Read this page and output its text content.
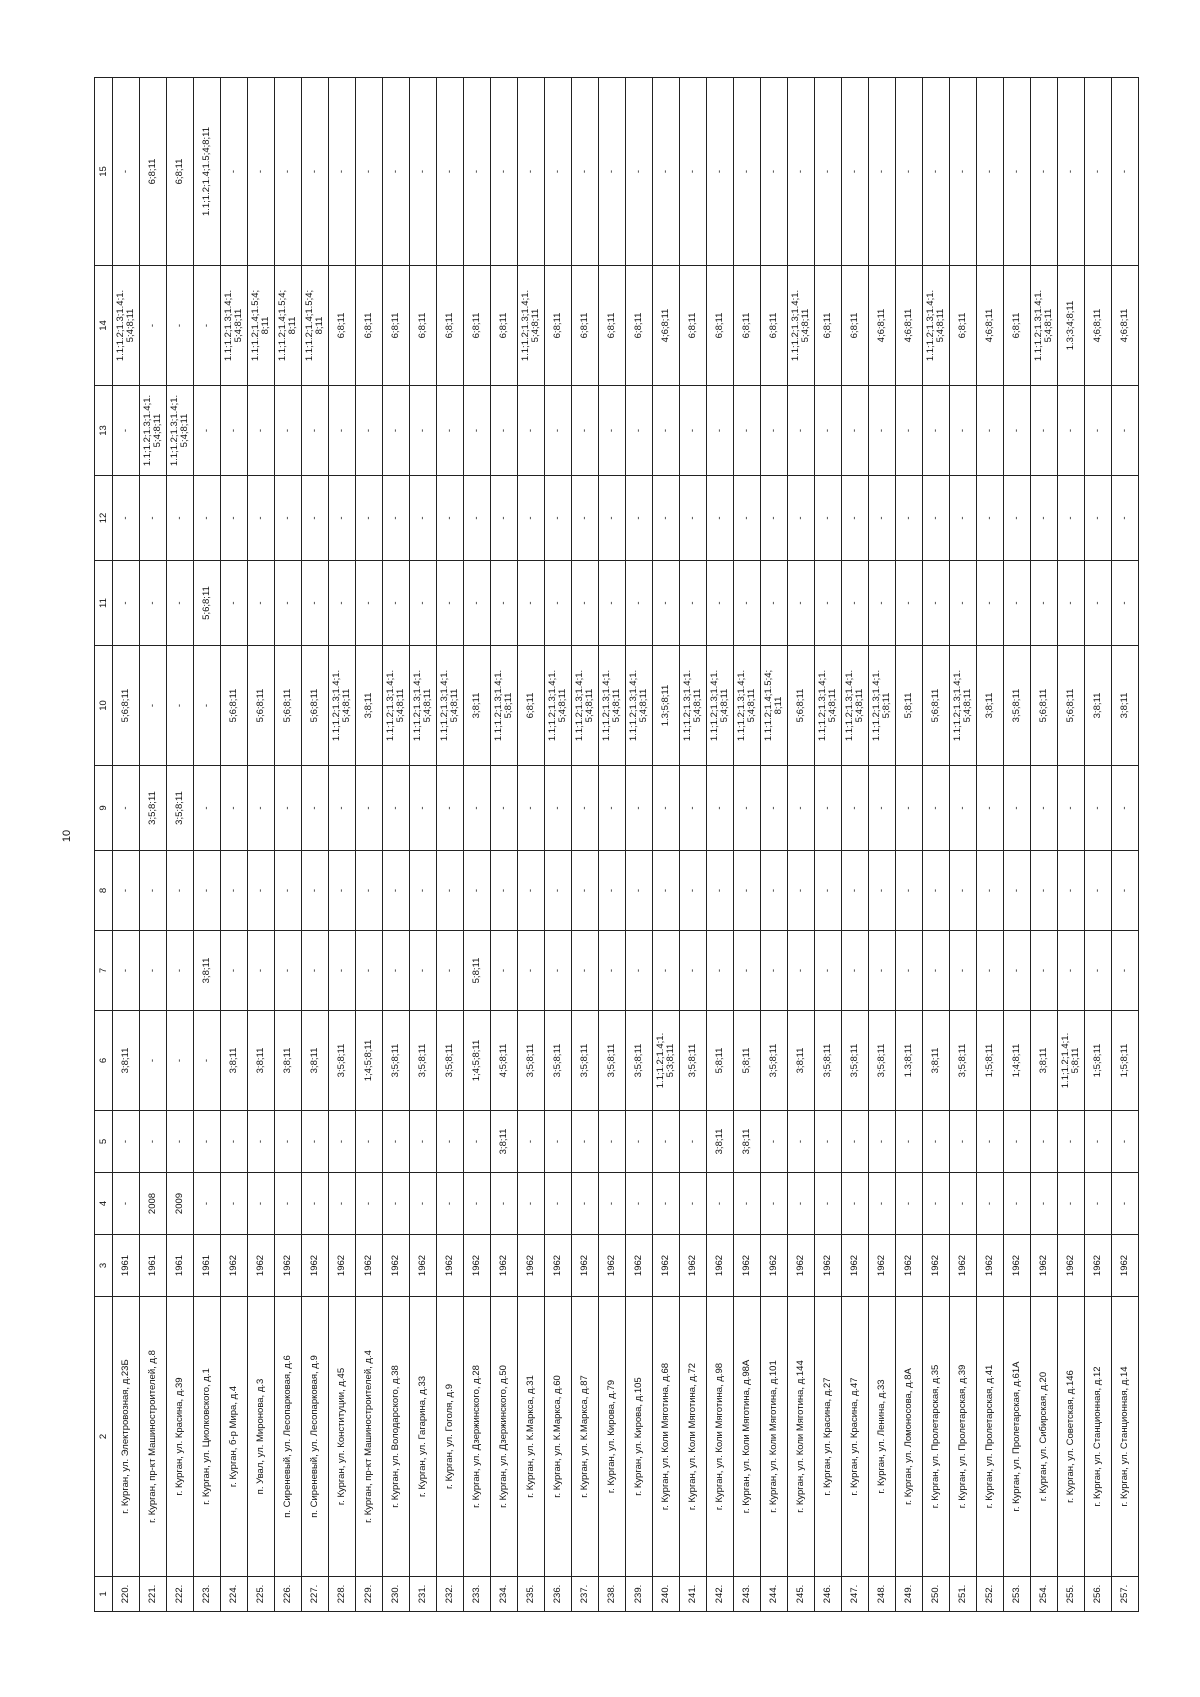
10
1	2	3	4	5	6	7	8	9	10	11	12	13	14	15
220.	г. Курган, ул. Электровозная, д.23Б	1961	-	-	3;8;11	-	-	-	5;6;8;11	-	-	-	1.1;1.2;1.3;1.4;1.
5;4;8;11	-
221.	г. Курган, пр-кт Машиностроителей, д.8	1961	2008	-	-	-	-	3;5;8;11	-	-	-	1.1;1.2;1.3;1.4;1.
5;4;8;11	-	6;8;11
222.	г. Курган, ул. Красина, д.39	1961	2009	-	-	-	-	3;5;8;11	-	-	-	1.1;1.2;1.3;1.4;1.
5;4;8;11	-	6;8;11
223.	г. Курган, ул. Циолковского, д.1	1961	-	-	-	3;8;11	-	-	-	5;6;8;11	-	-	-	1.1;1.2;1.4;1.5;4;8;11
224.	г. Курган, б-р Мира, д.4	1962	-	-	3;8;11	-	-	-	5;6;8;11	-	-	-	1.1;1.2;1.3;1.4;1.
5;4;8;11	-
225.	п. Увал, ул. Миронова, д.3	1962	-	-	3;8;11	-	-	-	5;6;8;11	-	-	-	1.1;1.2;1.4;1.5;4;
8;11	-
226.	п. Сиреневый, ул. Лесопарковая, д.6	1962	-	-	3;8;11	-	-	-	5;6;8;11	-	-	-	1.1;1.2;1.4;1.5;4;
8;11	-
227.	п. Сиреневый, ул. Лесопарковая, д.9	1962	-	-	3;8;11	-	-	-	5;6;8;11	-	-	-	1.1;1.2;1.4;1.5;4;
8;11	-
228.	г. Курган, ул. Конституции, д.45	1962	-	-	3;5;8;11	-	-	-	1.1;1.2;1.3;1.4;1.
5;4;8;11	-	-	-	6;8;11	-
229.	г. Курган, пр-кт Машиностроителей, д.4	1962	-	-	1;4;5;8;11	-	-	-	3;8;11	-	-	-	6;8;11	-
230.	г. Курган, ул. Володарского, д.38	1962	-	-	3;5;8;11	-	-	-	1.1;1.2;1.3;1.4;1.
5;4;8;11	-	-	-	6;8;11	-
231.	г. Курган, ул. Гагарина, д.33	1962	-	-	3;5;8;11	-	-	-	1.1;1.2;1.3;1.4;1.
5;4;8;11	-	-	-	6;8;11	-
232.	г. Курган, ул. Гоголя, д.9	1962	-	-	3;5;8;11	-	-	-	1.1;1.2;1.3;1.4;1.
5;4;8;11	-	-	-	6;8;11	-
233.	г. Курган, ул. Дзержинского, д.28	1962	-	-	1;4;5;8;11	5;8;11	-	-	3;8;11	-	-	-	6;8;11	-
234.	г. Курган, ул. Дзержинского, д.50	1962	-	3;8;11	4;5;8;11	-	-	-	1.1;1.2;1.3;1.4;1.
5;8;11	-	-	-	6;8;11	-
235.	г. Курган, ул. К.Маркса, д.31	1962	-	-	3;5;8;11	-	-	-	6;8;11	-	-	-	1.1;1.2;1.3;1.4;1.
5;4;8;11	-
236.	г. Курган, ул. К.Маркса, д.60	1962	-	-	3;5;8;11	-	-	-	1.1;1.2;1.3;1.4;1.
5;4;8;11	-	-	-	6;8;11	-
237.	г. Курган, ул. К.Маркса, д.87	1962	-	-	3;5;8;11	-	-	-	1.1;1.2;1.3;1.4;1.
5;4;8;11	-	-	-	6;8;11	-
238.	г. Курган, ул. Кирова, д.79	1962	-	-	3;5;8;11	-	-	-	1.1;1.2;1.3;1.4;1.
5;4;8;11	-	-	-	6;8;11	-
239.	г. Курган, ул. Кирова, д.105	1962	-	-	3;5;8;11	-	-	-	1.1;1.2;1.3;1.4;1.
5;4;8;11	-	-	-	6;8;11	-
240.	г. Курган, ул. Коли Мяготина, д.68	1962	-	-	1.1;1.2;1.4;1.
5;3;8;11	-	-	-	1.3;5;8;11	-	-	-	4;6;8;11	-
241.	г. Курган, ул. Коли Мяготина, д.72	1962	-	-	3;5;8;11	-	-	-	1.1;1.2;1.3;1.4;1.
5;4;8;11	-	-	-	6;8;11	-
242.	г. Курган, ул. Коли Мяготина, д.98	1962	-	3;8;11	5;8;11	-	-	-	1.1;1.2;1.3;1.4;1.
5;4;8;11	-	-	-	6;8;11	-
243.	г. Курган, ул. Коли Мяготина, д.98А	1962	-	3;8;11	5;8;11	-	-	-	1.1;1.2;1.3;1.4;1.
5;4;8;11	-	-	-	6;8;11	-
244.	г. Курган, ул. Коли Мяготина, д.101	1962	-	-	3;5;8;11	-	-	-	1.1;1.2;1.4;1.5;4;
8;11	-	-	-	6;8;11	-
245.	г. Курган, ул. Коли Мяготина, д.144	1962	-	-	3;8;11	-	-	-	5;6;8;11	-	-	-	1.1;1.2;1.3;1.4;1.
5;4;8;11	-
246.	г. Курган, ул. Красина, д.27	1962	-	-	3;5;8;11	-	-	-	1.1;1.2;1.3;1.4;1.
5;4;8;11	-	-	-	6;8;11	-
247.	г. Курган, ул. Красина, д.47	1962	-	-	3;5;8;11	-	-	-	1.1;1.2;1.3;1.4;1.
5;4;8;11	-	-	-	6;8;11	-
248.	г. Курган, ул. Ленина, д.33	1962	-	-	3;5;8;11	-	-	-	1.1;1.2;1.3;1.4;1.
5;8;11	-	-	-	4;6;8;11	-
249.	г. Курган, ул. Ломоносова, д.8А	1962	-	-	1.3;8;11	-	-	-	5;8;11	-	-	-	4;6;8;11	-
250.	г. Курган, ул. Пролетарская, д.35	1962	-	-	3;8;11	-	-	-	5;6;8;11	-	-	-	1.1;1.2;1.3;1.4;1.
5;4;8;11	-
251.	г. Курган, ул. Пролетарская, д.39	1962	-	-	3;5;8;11	-	-	-	1.1;1.2;1.3;1.4;1.
5;4;8;11	-	-	-	6;8;11	-
252.	г. Курган, ул. Пролетарская, д.41	1962	-	-	1;5;8;11	-	-	-	3;8;11	-	-	-	4;6;8;11	-
253.	г. Курган, ул. Пролетарская, д.61А	1962	-	-	1;4;8;11	-	-	-	3;5;8;11	-	-	-	6;8;11	-
254.	г. Курган, ул. Сибирская, д.20	1962	-	-	3;8;11	-	-	-	5;6;8;11	-	-	-	1.1;1.2;1.3;1.4;1.
5;4;8;11	-
255.	г. Курган, ул. Советская, д.146	1962	-	-	1.1;1.2;1.4;1.
5;8;11	-	-	-	5;6;8;11	-	-	-	1.3;3;4;8;11	-
256.	г. Курган, ул. Станционная, д.12	1962	-	-	1;5;8;11	-	-	-	3;8;11	-	-	-	4;6;8;11	-
257.	г. Курган, ул. Станционная, д.14	1962	-	-	1;5;8;11	-	-	-	3;8;11	-	-	-	4;6;8;11	-
